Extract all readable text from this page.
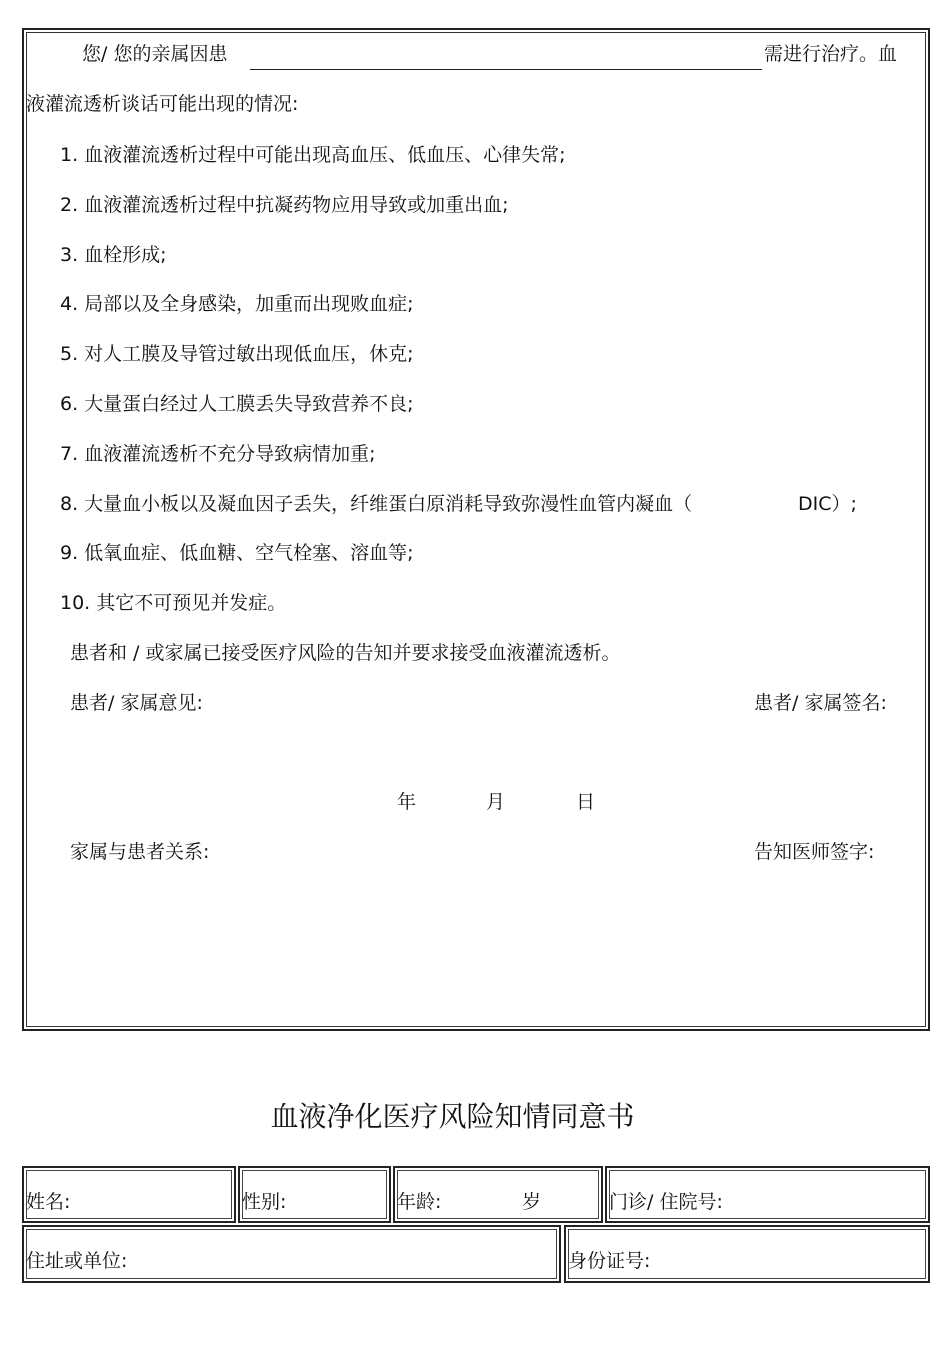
您/ 您的亲属因患	需进行治疗。血
液灌流透析谈话可能出现的情况:
1. 血液灌流透析过程中可能出现高血压、低血压、心律失常;
2. 血液灌流透析过程中抗凝药物应用导致或加重出血;
3. 血栓形成;
4. 局部以及全身感染，加重而出现败血症;
5. 对人工膜及导管过敏出现低血压，休克;
6. 大量蛋白经过人工膜丢失导致营养不良;
7. 血液灌流透析不充分导致病情加重;
8. 大量血小板以及凝血因子丢失，纤维蛋白原消耗导致弥漫性血管内凝血（	DIC）;
9. 低氧血症、低血糖、空气栓塞、溶血等;
10. 其它不可预见并发症。
患者和 / 或家属已接受医疗风险的告知并要求接受血液灌流透析。
患者/ 家属意见:	患者/ 家属签名:
年	月	日
家属与患者关系:	告知医师签字:
血液净化医疗风险知情同意书
姓名:	性别:	年龄:	岁	门诊/ 住院号:
住址或单位:	身份证号:
